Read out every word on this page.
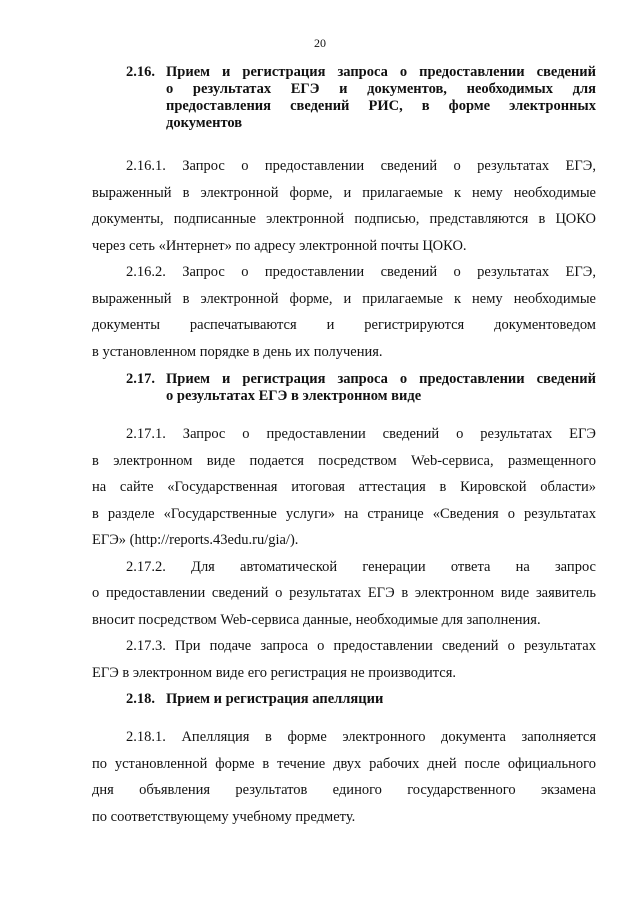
20
2.16. Прием и регистрация запроса о предоставлении сведений
о результатах ЕГЭ и документов, необходимых для
предоставления сведений РИС, в форме электронных
документов
2.16.1. Запрос о предоставлении сведений о результатах ЕГЭ,
выраженный в электронной форме, и прилагаемые к нему необходимые
документы, подписанные электронной подписью, представляются в ЦОКО
через сеть «Интернет» по адресу электронной почты ЦОКО.
2.16.2. Запрос о предоставлении сведений о результатах ЕГЭ,
выраженный в электронной форме, и прилагаемые к нему необходимые
документы распечатываются и регистрируются документоведом
в установленном порядке в день их получения.
2.17. Прием и регистрация запроса о предоставлении сведений
о результатах ЕГЭ в электронном виде
2.17.1. Запрос о предоставлении сведений о результатах ЕГЭ
в электронном виде подается посредством Web-сервиса, размещенного
на сайте «Государственная итоговая аттестация в Кировской области»
в разделе «Государственные услуги» на странице «Сведения о результатах
ЕГЭ» (http://reports.43edu.ru/gia/).
2.17.2. Для автоматической генерации ответа на запрос
о предоставлении сведений о результатах ЕГЭ в электронном виде заявитель
вносит посредством Web-сервиса данные, необходимые для заполнения.
2.17.3. При подаче запроса о предоставлении сведений о результатах
ЕГЭ в электронном виде его регистрация не производится.
2.18. Прием и регистрация апелляции
2.18.1. Апелляция в форме электронного документа заполняется
по установленной форме в течение двух рабочих дней после официального
дня объявления результатов единого государственного экзамена
по соответствующему учебному предмету.
